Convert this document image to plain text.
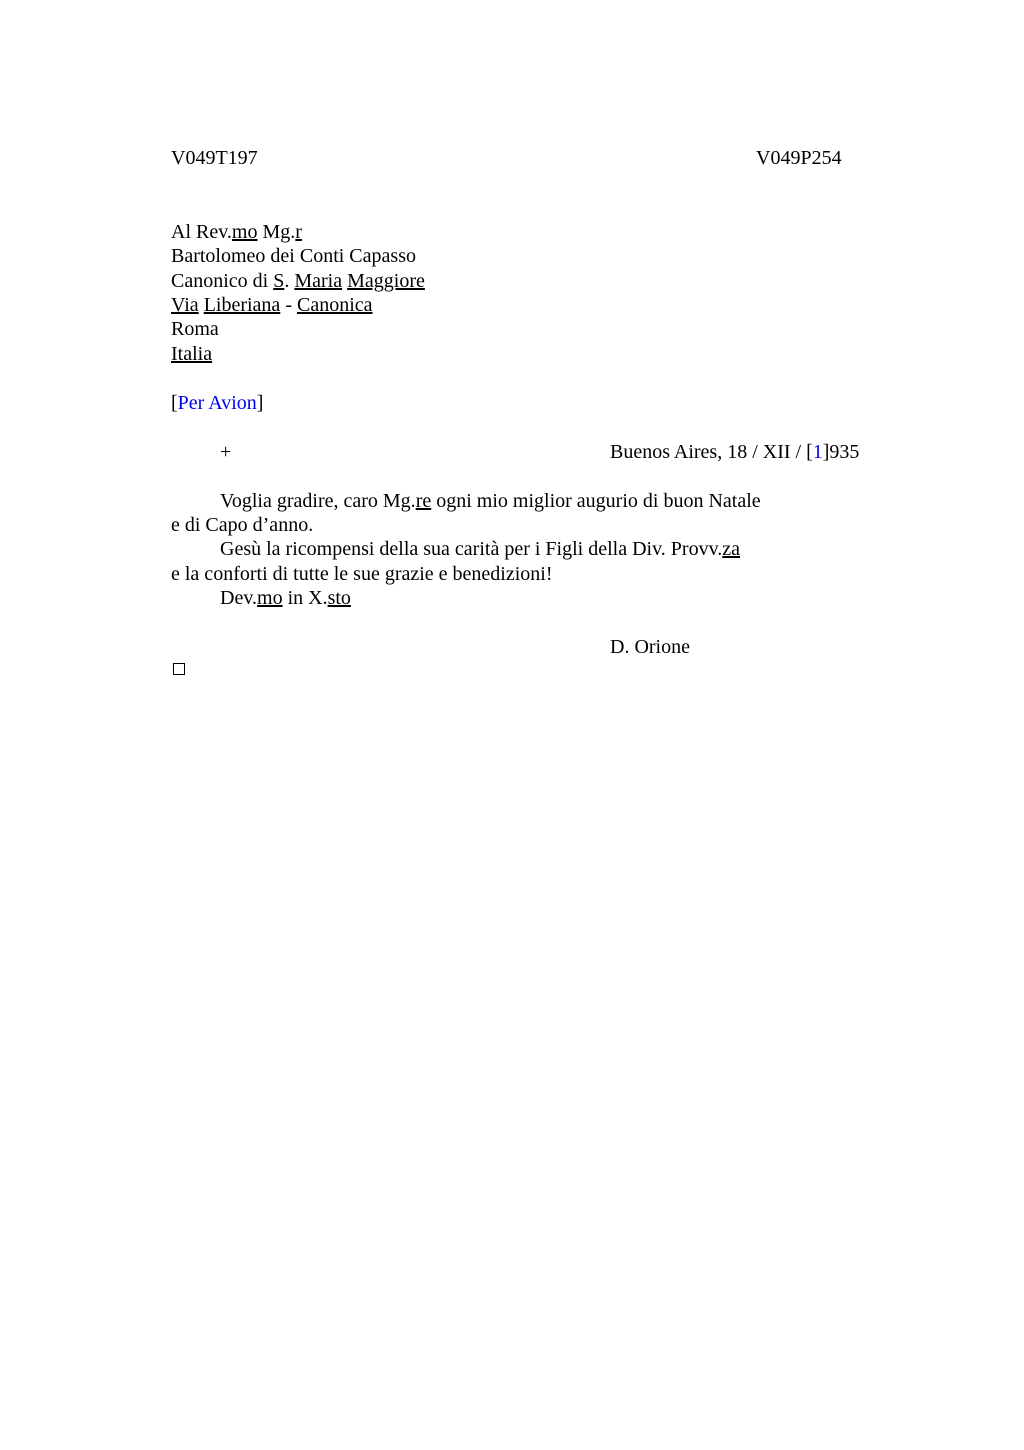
V049T197	V049P254
Al Rev.mo Mg.r
Bartolomeo dei Conti Capasso
Canonico di S. Maria Maggiore
Via Liberiana - Canonica
Roma
Italia
[Per Avion]
+	Buenos Aires, 18 / XII / [1]935
Voglia gradire, caro Mg.re ogni mio miglior augurio di buon Natale
e di Capo d’anno.
Gesù la ricompensi della sua carità per i Figli della Div. Provv.za
e la conforti di tutte le sue grazie e benedizioni!
Dev.mo in X.sto
D. Orione
